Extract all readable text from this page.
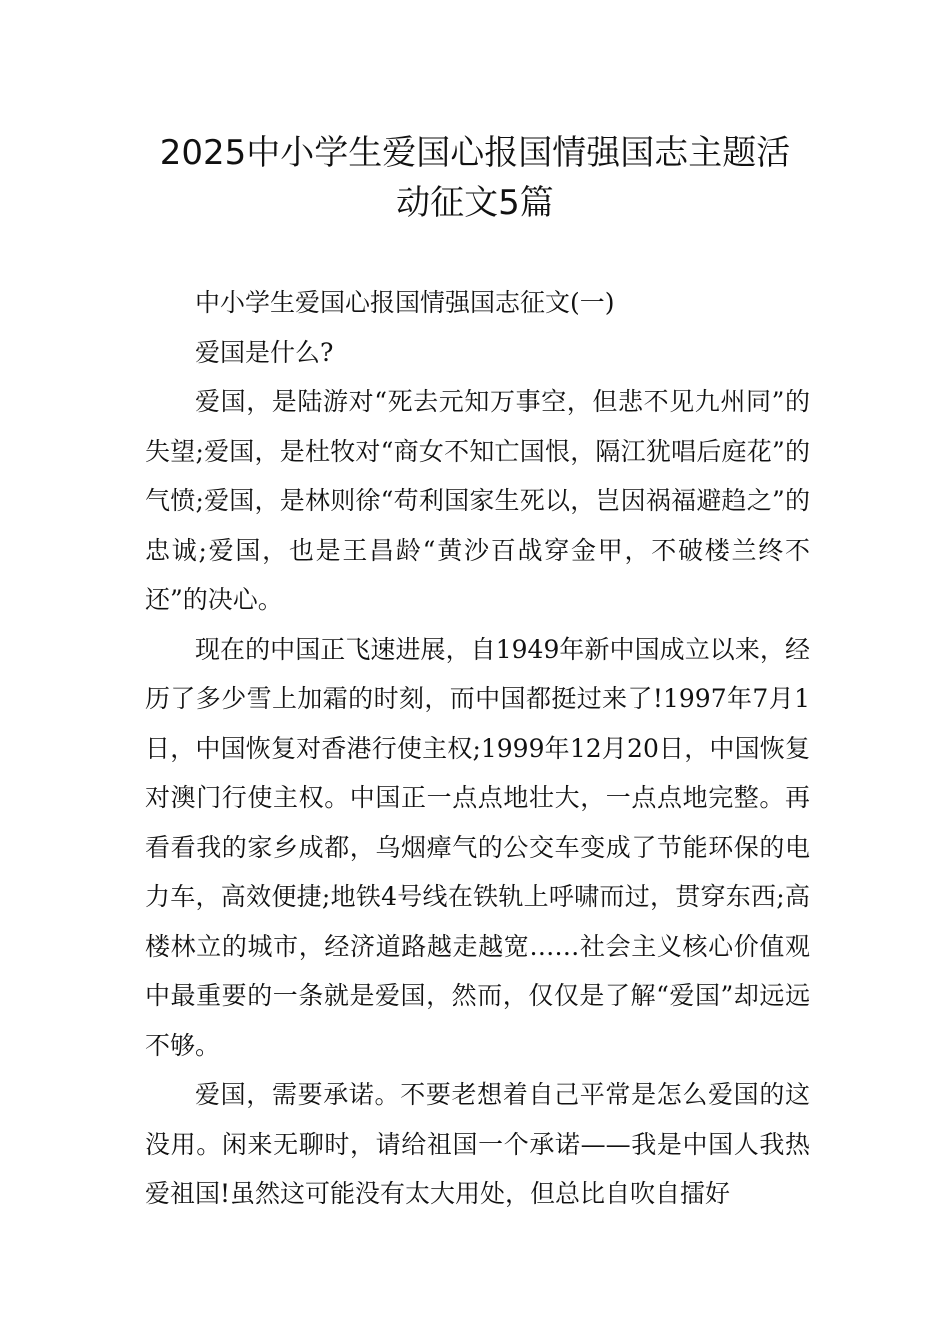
2025中小学生爱国心报国情强国志主题活
动征文5篇

中小学生爱国心报国情强国志征文(一)

爱国是什么?

爱国，是陆游对“死去元知万事空，但悲不见九州同”的失望;爱国，是杜牧对“商女不知亡国恨，隔江犹唱后庭花”的气愤;爱国，是林则徐“苟利国家生死以，岂因祸福避趋之”的忠诚;爱国，也是王昌龄“黄沙百战穿金甲，不破楼兰终不还”的决心。

现在的中国正飞速进展，自1949年新中国成立以来，经历了多少雪上加霜的时刻，而中国都挺过来了!1997年7月1日，中国恢复对香港行使主权;1999年12月20日，中国恢复对澳门行使主权。中国正一点点地壮大，一点点地完整。再看看我的家乡成都，乌烟瘴气的公交车变成了节能环保的电力车，高效便捷;地铁4号线在铁轨上呼啸而过，贯穿东西;高楼林立的城市，经济道路越走越宽……社会主义核心价值观中最重要的一条就是爱国，然而，仅仅是了解“爱国”却远远不够。

爱国，需要承诺。不要老想着自己平常是怎么爱国的这没用。闲来无聊时，请给祖国一个承诺——我是中国人我热爱祖国!虽然这可能没有太大用处，但总比自吹自擂好
